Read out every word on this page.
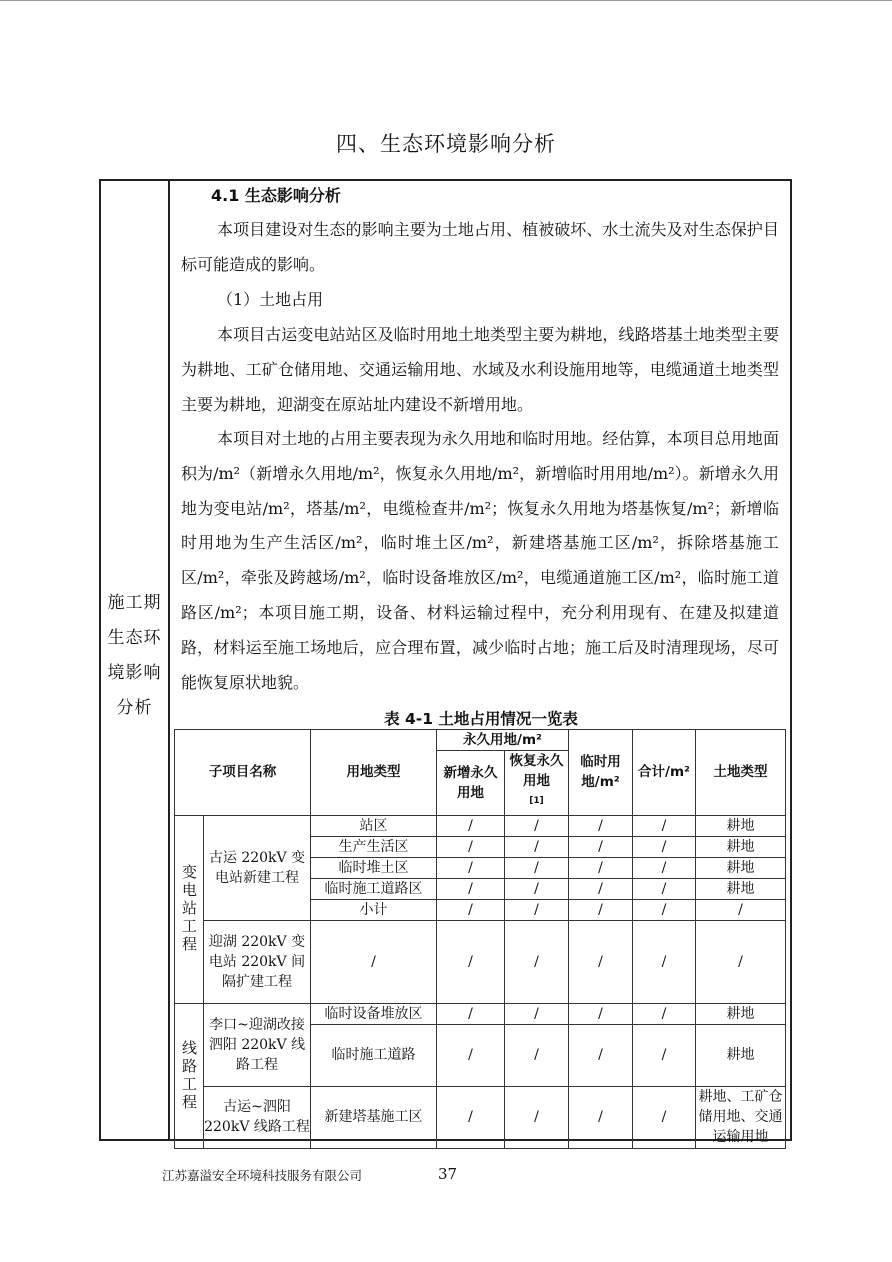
四、生态环境影响分析
施工期
生态环
境影响
分析
4.1 生态影响分析
本项目建设对生态的影响主要为土地占用、植被破坏、水土流失及对生态保护目标可能造成的影响。
（1）土地占用
本项目古运变电站站区及临时用地土地类型主要为耕地，线路塔基土地类型主要为耕地、工矿仓储用地、交通运输用地、水域及水利设施用地等，电缆通道土地类型主要为耕地，迎湖变在原站址内建设不新增用地。
本项目对土地的占用主要表现为永久用地和临时用地。经估算，本项目总用地面积为/m²（新增永久用地/m²，恢复永久用地/m²，新增临时用用地/m²）。新增永久用地为变电站/m²，塔基/m²，电缆检查井/m²；恢复永久用地为塔基恢复/m²；新增临时用地为生产生活区/m²，临时堆土区/m²，新建塔基施工区/m²，拆除塔基施工区/m²，牵张及跨越场/m²，临时设备堆放区/m²，电缆通道施工区/m²，临时施工道路区/m²；本项目施工期，设备、材料运输过程中，充分利用现有、在建及拟建道路，材料运至施工场地后，应合理布置，减少临时占地；施工后及时清理现场，尽可能恢复原状地貌。
表 4-1 土地占用情况一览表
子项目名称		用地类型	永久用地/m²		临时用地/m²	合计/m²	土地类型
			新增永久用地	恢复永久用地
[1]

变电站工程	古运 220kV 变电站新建工程	站区	/	/	/	/	耕地
		生产生活区	/	/	/	/	耕地
		临时堆土区	/	/	/	/	耕地
		临时施工道路区	/	/	/	/	耕地
		小计	/	/	/	/	/
	迎湖 220kV 变电站 220kV 间隔扩建工程	/	/	/	/	/	/

线路工程	李口~迎湖改接泗阳 220kV 线路工程	临时设备堆放区	/	/	/	/	耕地
		临时施工道路	/	/	/	/	耕地
	古运~泗阳 220kV 线路工程	新建塔基施工区	/	/	/	/	耕地、工矿仓储用地、交通运输用地
江苏嘉溢安全环境科技服务有限公司	37
